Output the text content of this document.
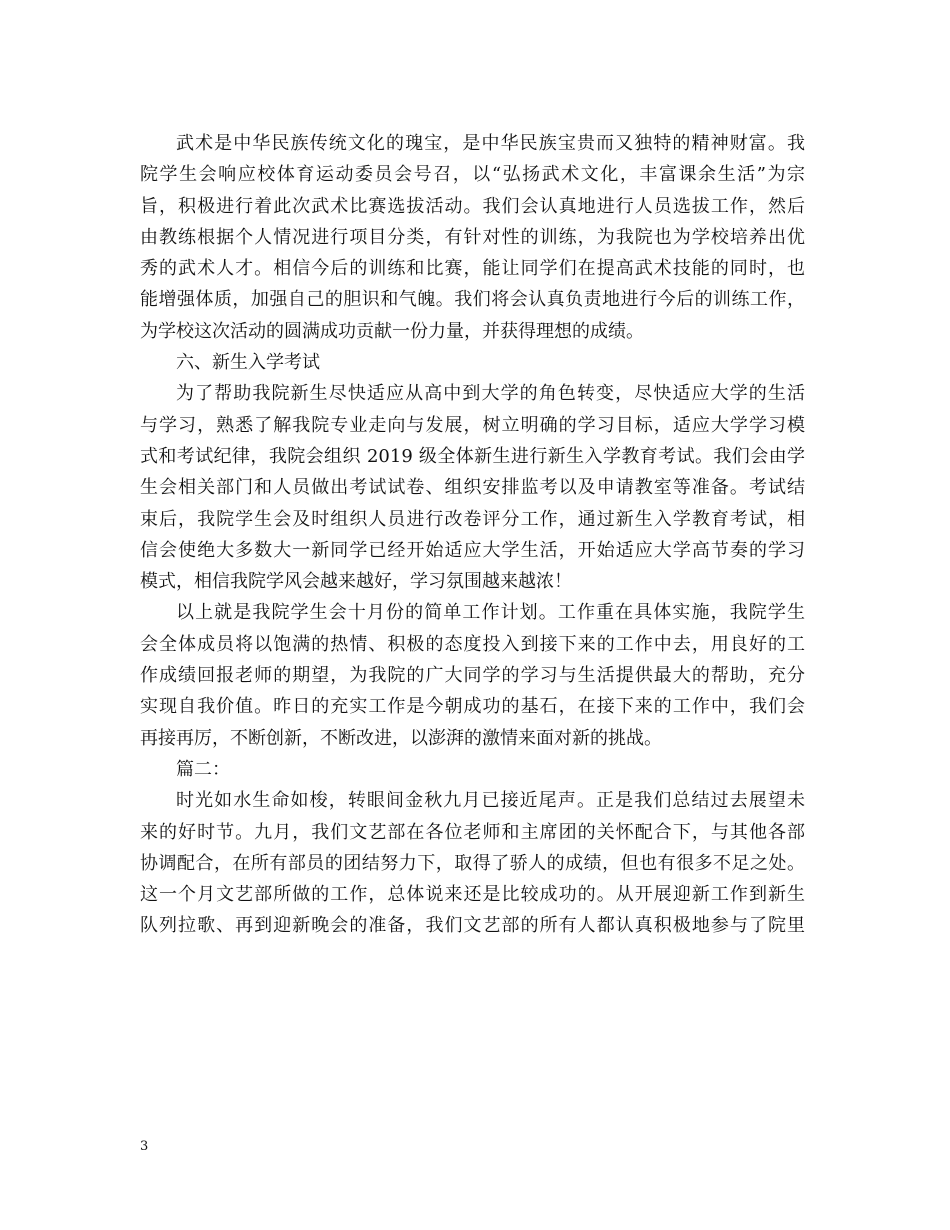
武术是中华民族传统文化的瑰宝，是中华民族宝贵而又独特的精神财富。我
院学生会响应校体育运动委员会号召，以“弘扬武术文化，丰富课余生活”为宗
旨，积极进行着此次武术比赛选拔活动。我们会认真地进行人员选拔工作，然后
由教练根据个人情况进行项目分类，有针对性的训练，为我院也为学校培养出优
秀的武术人才。相信今后的训练和比赛，能让同学们在提高武术技能的同时，也
能增强体质，加强自己的胆识和气魄。我们将会认真负责地进行今后的训练工作，
为学校这次活动的圆满成功贡献一份力量，并获得理想的成绩。
六、新生入学考试
为了帮助我院新生尽快适应从高中到大学的角色转变，尽快适应大学的生活
与学习，熟悉了解我院专业走向与发展，树立明确的学习目标，适应大学学习模
式和考试纪律，我院会组织 2019 级全体新生进行新生入学教育考试。我们会由学
生会相关部门和人员做出考试试卷、组织安排监考以及申请教室等准备。考试结
束后，我院学生会及时组织人员进行改卷评分工作，通过新生入学教育考试，相
信会使绝大多数大一新同学已经开始适应大学生活，开始适应大学高节奏的学习
模式，相信我院学风会越来越好，学习氛围越来越浓！
以上就是我院学生会十月份的简单工作计划。工作重在具体实施，我院学生
会全体成员将以饱满的热情、积极的态度投入到接下来的工作中去，用良好的工
作成绩回报老师的期望，为我院的广大同学的学习与生活提供最大的帮助，充分
实现自我价值。昨日的充实工作是今朝成功的基石，在接下来的工作中，我们会
再接再厉，不断创新，不断改进，以澎湃的激情来面对新的挑战。
篇二：
时光如水生命如梭，转眼间金秋九月已接近尾声。正是我们总结过去展望未
来的好时节。九月，我们文艺部在各位老师和主席团的关怀配合下，与其他各部
协调配合，在所有部员的团结努力下，取得了骄人的成绩，但也有很多不足之处。
这一个月文艺部所做的工作，总体说来还是比较成功的。从开展迎新工作到新生
队列拉歌、再到迎新晚会的准备，我们文艺部的所有人都认真积极地参与了院里
3
